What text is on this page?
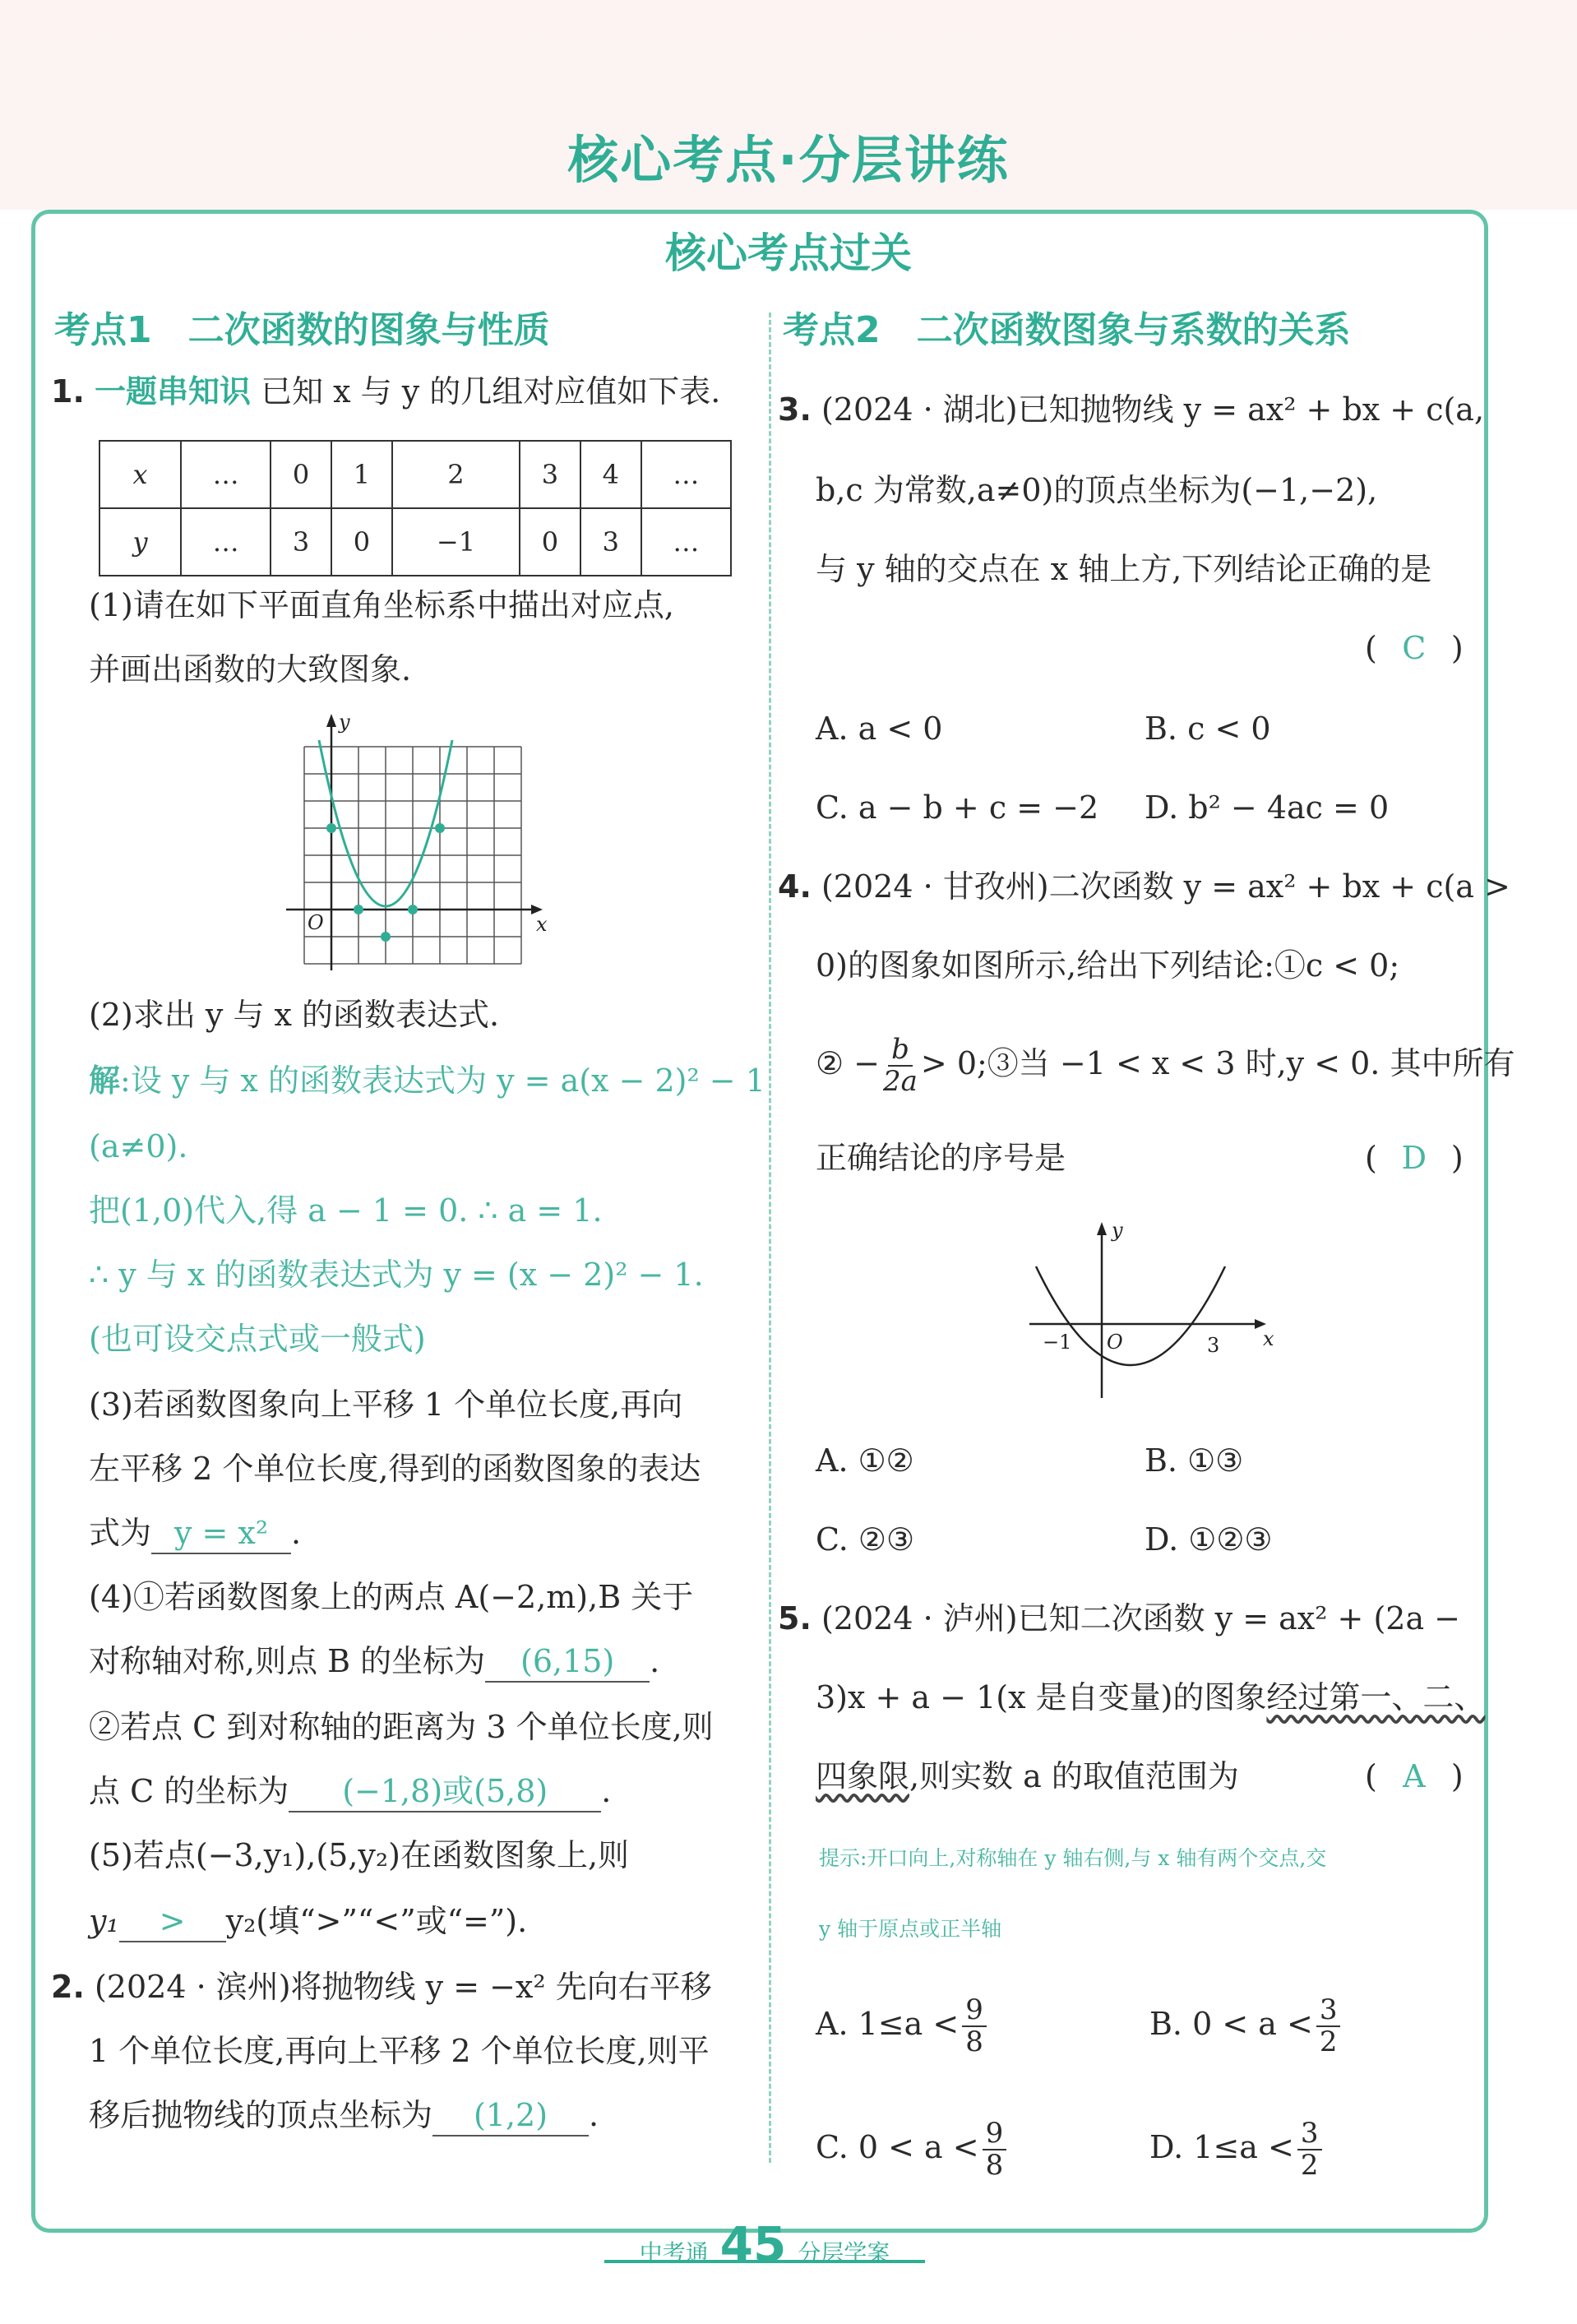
核心考点·分层讲练
核心考点过关
考点1　二次函数的图象与性质
1. 一题串知识 已知 x 与 y 的几组对应值如下表.
x	…	0	1	2	3	4	…
y	…	3	0	−1	0	3	…
(1)请在如下平面直角坐标系中描出对应点,
并画出函数的大致图象.
y
x
O
(2)求出 y 与 x 的函数表达式.
解:设 y 与 x 的函数表达式为 y = a(x − 2)² − 1
(a≠0).
把(1,0)代入,得 a − 1 = 0. ∴ a = 1.
∴ y 与 x 的函数表达式为 y = (x − 2)² − 1.
(也可设交点式或一般式)
(3)若函数图象向上平移 1 个单位长度,再向
左平移 2 个单位长度,得到的函数图象的表达
式为 y = x² .
(4)①若函数图象上的两点 A(−2,m),B 关于
对称轴对称,则点 B 的坐标为 (6,15) .
②若点 C 到对称轴的距离为 3 个单位长度,则
点 C 的坐标为 (−1,8)或(5,8) .
(5)若点(−3,y₁),(5,y₂)在函数图象上,则
y₁ > y₂(填“>”“<”或“=”).
2. (2024 · 滨州)将抛物线 y = −x² 先向右平移
1 个单位长度,再向上平移 2 个单位长度,则平
移后抛物线的顶点坐标为 (1,2) .
考点2　二次函数图象与系数的关系
3. (2024 · 湖北)已知抛物线 y = ax² + bx + c(a,
b,c 为常数,a≠0)的顶点坐标为(−1,−2),
与 y 轴的交点在 x 轴上方,下列结论正确的是
( C )
A. a < 0	B. c < 0
C. a − b + c = −2 D. b² − 4ac = 0
4. (2024 · 甘孜州)二次函数 y = ax² + bx + c(a >
0)的图象如图所示,给出下列结论:①c < 0;
② − $\frac{b}{2a}$ > 0;③当 −1 < x < 3 时,y < 0. 其中所有
正确结论的序号是	( D )
y
x
O
−1	3
A. ①②	B. ①③
C. ②③	D. ①②③
5. (2024 · 泸州)已知二次函数 y = ax² + (2a −
3)x + a − 1(x 是自变量)的图象经过第一、二、
四象限,则实数 a 的取值范围为	( A )
提示:开口向上,对称轴在 y 轴右侧,与 x 轴有两个交点,交
y 轴于原点或正半轴
A. $1\le a < \frac{9}{8}$	B. $0 < a < \frac{3}{2}$
C. $0 < a < \frac{9}{8}$	D. $1\le a < \frac{3}{2}$
中考通 45 分层学案
